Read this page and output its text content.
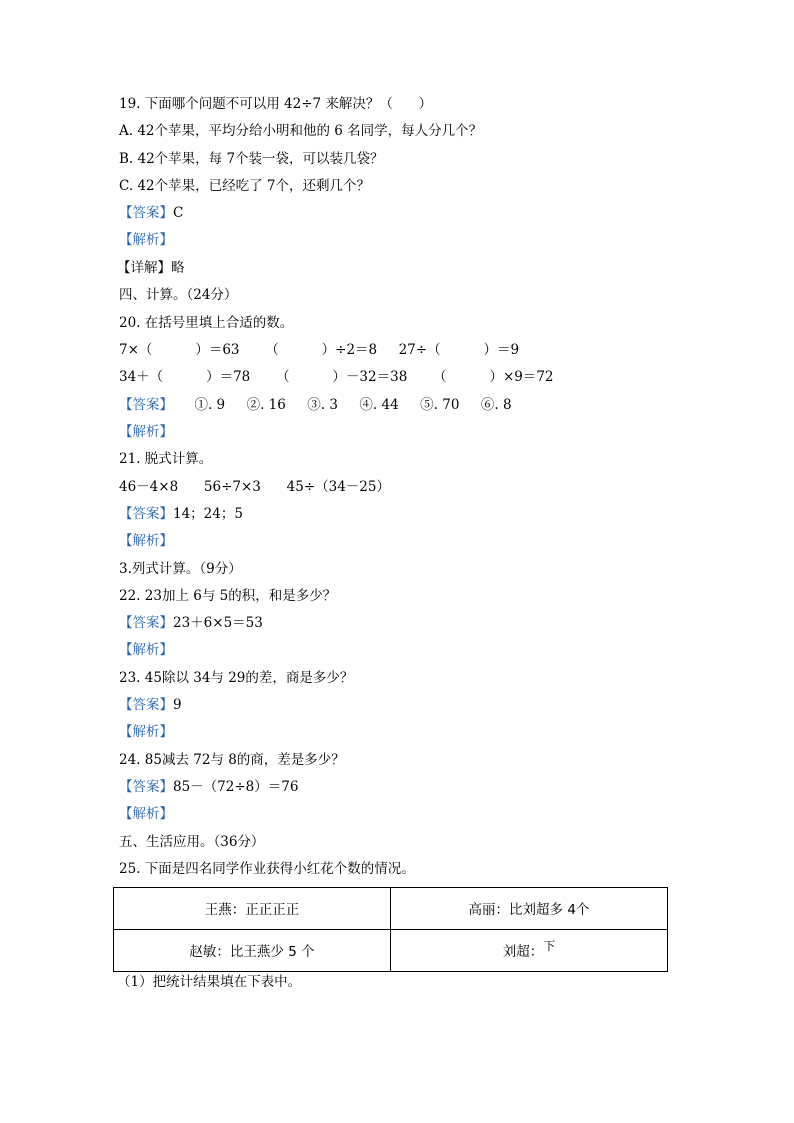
19. 下面哪个问题不可以用 42÷7 来解决？（      ）
A. 42个苹果，平均分给小明和他的 6 名同学，每人分几个？
B. 42个苹果，每 7个装一袋，可以装几袋？
C. 42个苹果，已经吃了 7个，还剩几个？
【答案】C
【解析】
【详解】略
四、计算。（24分）
20. 在括号里填上合适的数。
7×（          ）＝63      （          ）÷2＝8     27÷（          ）＝9
34＋（          ）＝78      （          ）－32＝38      （          ）×9＝72
【答案】     ①. 9     ②. 16     ③. 3     ④. 44     ⑤. 70     ⑥. 8
【解析】
21. 脱式计算。
46－4×8      56÷7×3      45÷（34－25）
【答案】14；24；5
【解析】
3.列式计算。（9分）
22. 23加上 6与 5的积，和是多少？
【答案】23＋6×5＝53
【解析】
23. 45除以 34与 29的差，商是多少？
【答案】9
【解析】
24. 85减去 72与 8的商，差是多少？
【答案】85－（72÷8）＝76
【解析】
五、生活应用。（36分）
25. 下面是四名同学作业获得小红花个数的情况。
王燕：正正正正	高丽：比刘超多 4个
赵敏：比王燕少 5 个	刘超： 下
（1）把统计结果填在下表中。
